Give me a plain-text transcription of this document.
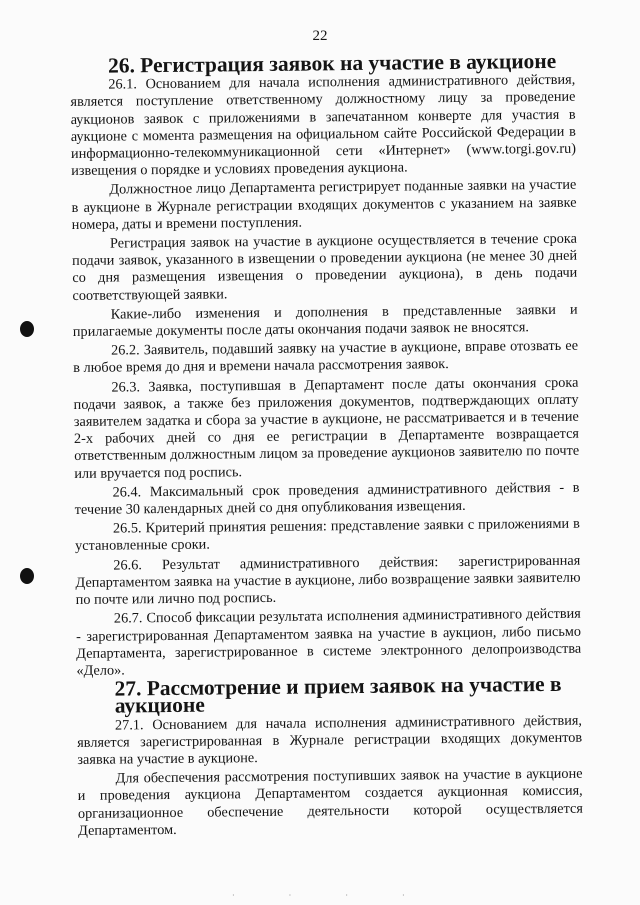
22
26. Регистрация заявок на участие в аукционе

26.1. Основанием для начала исполнения административного действия, является поступление ответственному должностному лицу за проведение аукционов заявок с приложениями в запечатанном конверте для участия в аукционе с момента размещения на официальном сайте Российской Федерации в информационно-телекоммуникационной сети «Интернет» (www.torgi.gov.ru) извещения о порядке и условиях проведения аукциона.

Должностное лицо Департамента регистрирует поданные заявки на участие в аукционе в Журнале регистрации входящих документов с указанием на заявке номера, даты и времени поступления.

Регистрация заявок на участие в аукционе осуществляется в течение срока подачи заявок, указанного в извещении о проведении аукциона (не менее 30 дней со дня размещения извещения о проведении аукциона), в день подачи соответствующей заявки.

Какие-либо изменения и дополнения в представленные заявки и прилагаемые документы после даты окончания подачи заявок не вносятся.

26.2. Заявитель, подавший заявку на участие в аукционе, вправе отозвать ее в любое время до дня и времени начала рассмотрения заявок.

26.3. Заявка, поступившая в Департамент после даты окончания срока подачи заявок, а также без приложения документов, подтверждающих оплату заявителем задатка и сбора за участие в аукционе, не рассматривается и в течение 2-х рабочих дней со дня ее регистрации в Департаменте возвращается ответственным должностным лицом за проведение аукционов заявителю по почте или вручается под роспись.

26.4. Максимальный срок проведения административного действия - в течение 30 календарных дней со дня опубликования извещения.

26.5. Критерий принятия решения: представление заявки с приложениями в установленные сроки.

26.6. Результат административного действия: зарегистрированная Департаментом заявка на участие в аукционе, либо возвращение заявки заявителю по почте или лично под роспись.

26.7. Способ фиксации результата исполнения административного действия - зарегистрированная Департаментом заявка на участие в аукцион, либо письмо Департамента, зарегистрированное в системе электронного делопроизводства «Дело».

27. Рассмотрение и прием заявок на участие в аукционе

27.1. Основанием для начала исполнения административного действия, является зарегистрированная в Журнале регистрации входящих документов заявка на участие в аукционе.

Для обеспечения рассмотрения поступивших заявок на участие в аукционе и проведения аукциона Департаментом создается аукционная комиссия, организационное обеспечение деятельности которой осуществляется Департаментом.

· · · ·
